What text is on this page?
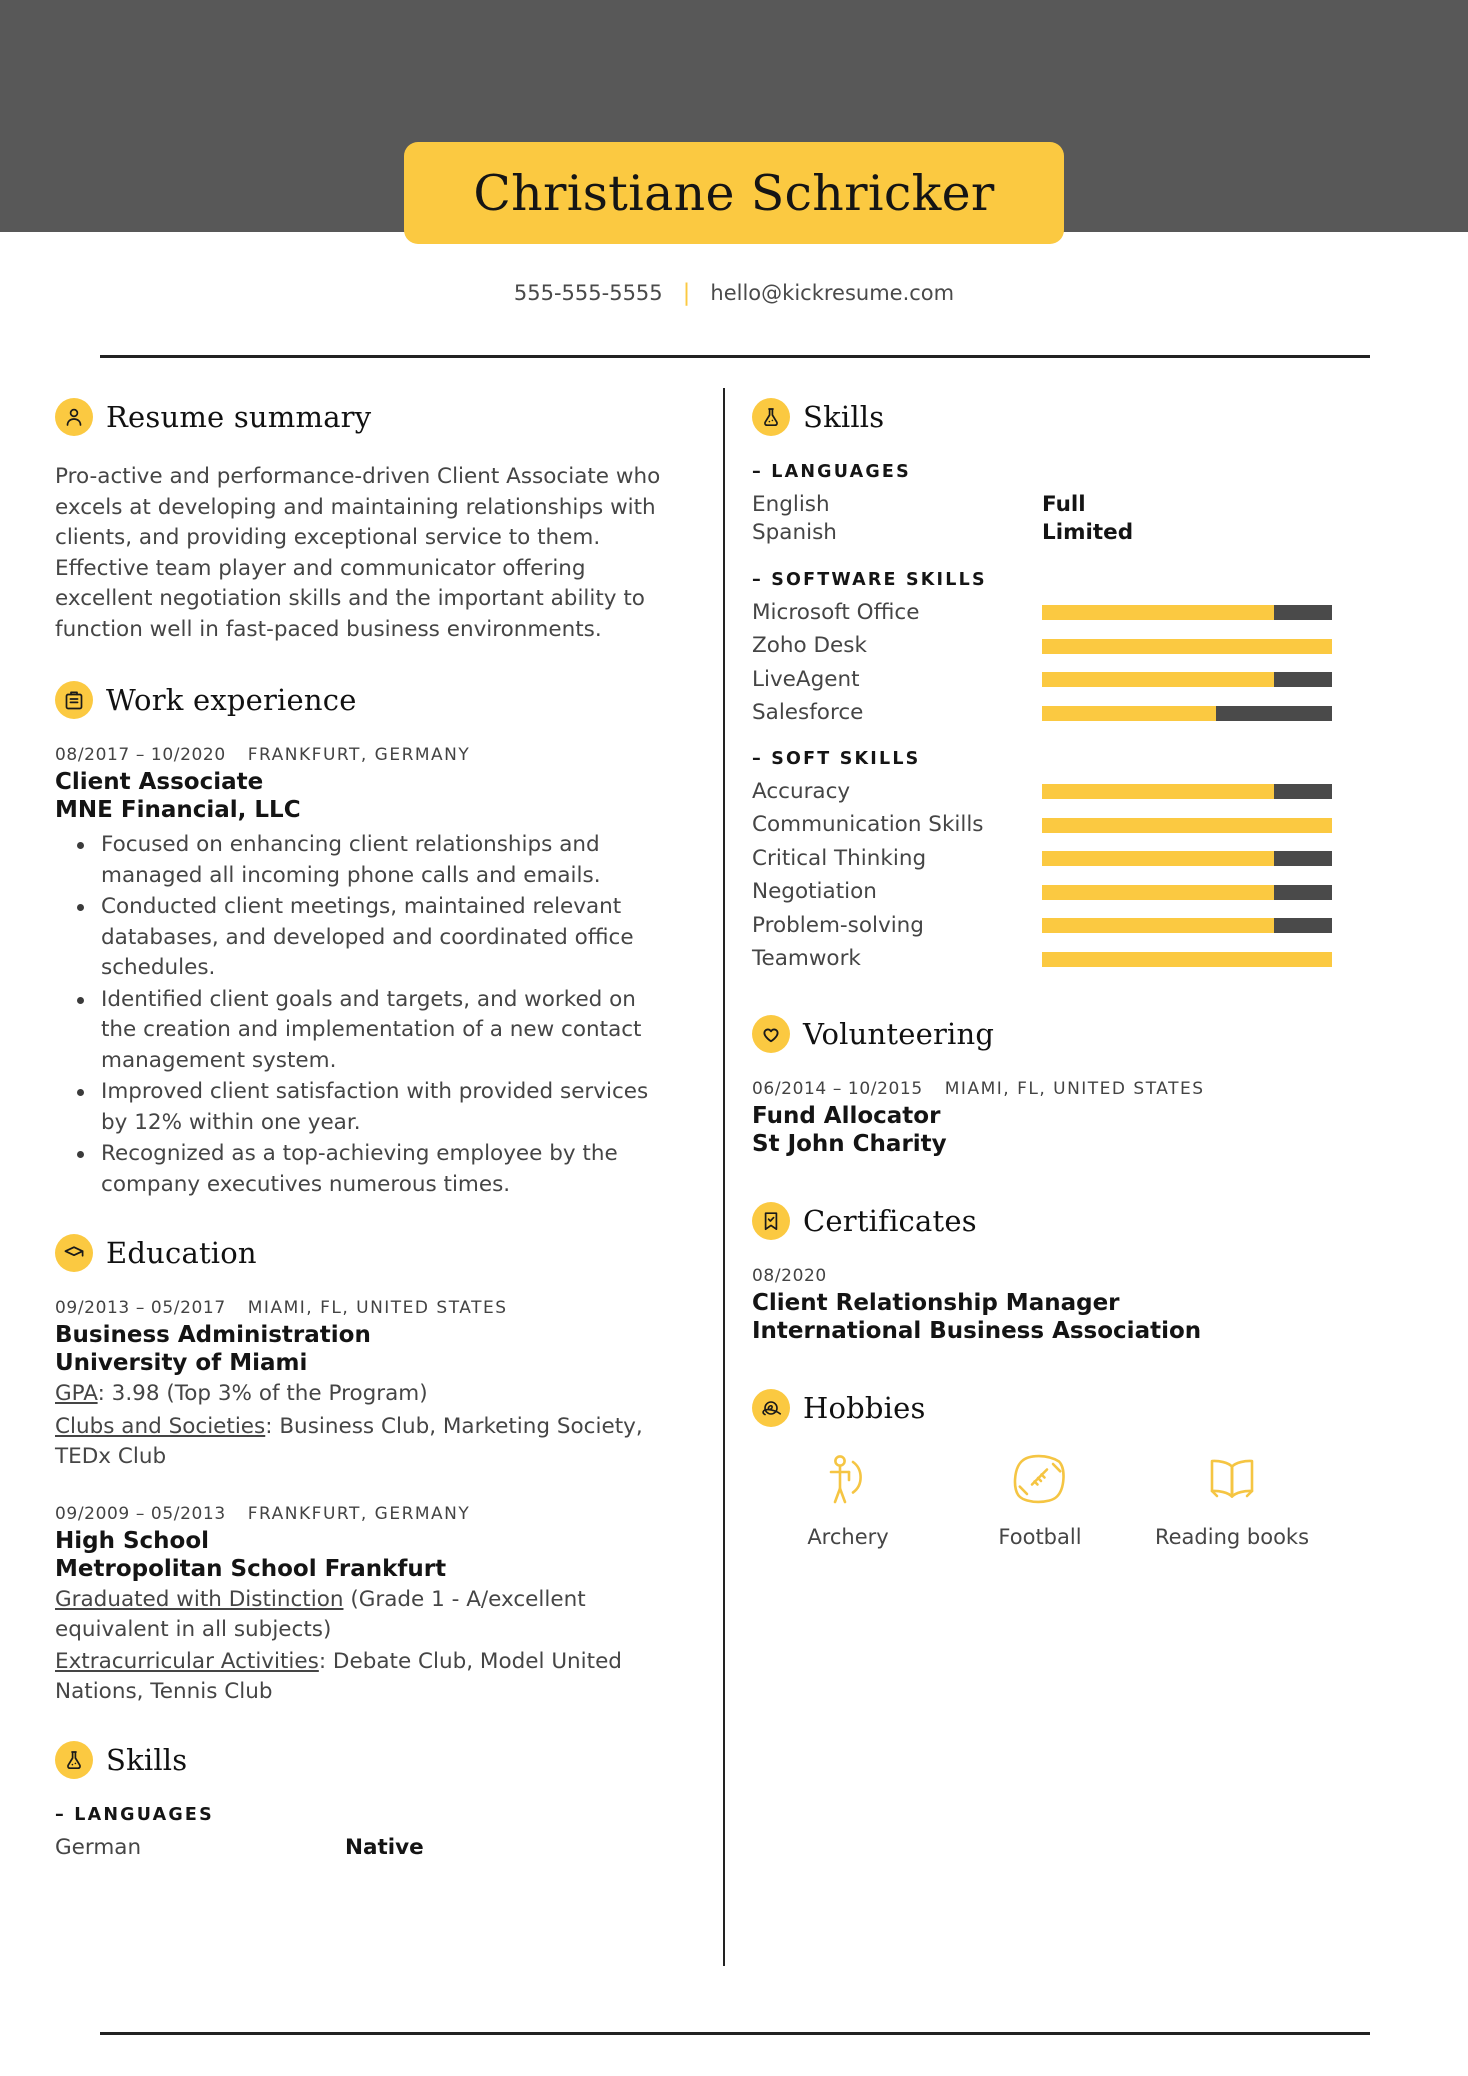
Christiane Schricker
555-555-5555 | hello@kickresume.com
Resume summary
Pro-active and performance-driven Client Associate who excels at developing and maintaining relationships with clients, and providing exceptional service to them. Effective team player and communicator offering excellent negotiation skills and the important ability to function well in fast-paced business environments.
Work experience
08/2017 – 10/2020 FRANKFURT, GERMANY
Client Associate
MNE Financial, LLC
Focused on enhancing client relationships and managed all incoming phone calls and emails.
Conducted client meetings, maintained relevant databases, and developed and coordinated office schedules.
Identified client goals and targets, and worked on the creation and implementation of a new contact management system.
Improved client satisfaction with provided services by 12% within one year.
Recognized as a top-achieving employee by the company executives numerous times.
Education
09/2013 – 05/2017 MIAMI, FL, UNITED STATES
Business Administration
University of Miami
GPA: 3.98 (Top 3% of the Program)
Clubs and Societies: Business Club, Marketing Society, TEDx Club
09/2009 – 05/2013 FRANKFURT, GERMANY
High School
Metropolitan School Frankfurt
Graduated with Distinction (Grade 1 - A/excellent equivalent in all subjects)
Extracurricular Activities: Debate Club, Model United Nations, Tennis Club
Skills
– LANGUAGES
German	Native
Skills
– LANGUAGES
English	Full
Spanish	Limited
– SOFTWARE SKILLS
Microsoft Office
Zoho Desk
LiveAgent
Salesforce
– SOFT SKILLS
Accuracy
Communication Skills
Critical Thinking
Negotiation
Problem-solving
Teamwork
Volunteering
06/2014 – 10/2015 MIAMI, FL, UNITED STATES
Fund Allocator
St John Charity
Certificates
08/2020
Client Relationship Manager
International Business Association
Hobbies
Archery	Football	Reading books
